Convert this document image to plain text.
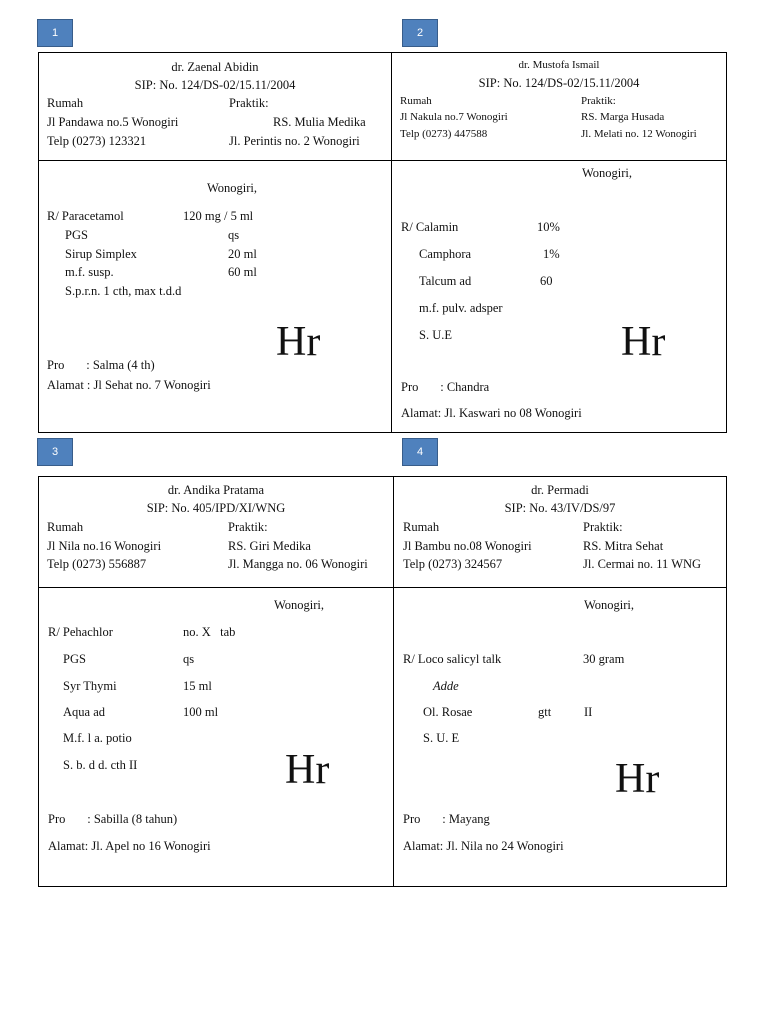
1	2
3	4
dr. Zaenal Abidin
SIP: No. 124/DS-02/15.11/2004
Rumah
Jl Pandawa no.5 Wonogiri
Telp (0273) 123321
Praktik:
RS. Mulia Medika
Jl. Perintis no. 2 Wonogiri
Wonogiri,
R/ Paracetamol	120 mg / 5 ml
PGS	qs
Sirup Simplex	20 ml
m.f. susp.	60 ml
S.p.r.n. 1 cth, max t.d.d
Hr
Pro       : Salma (4 th)
Alamat : Jl Sehat no. 7 Wonogiri
dr. Mustofa Ismail
SIP: No. 124/DS-02/15.11/2004
Rumah
Jl Nakula no.7 Wonogiri
Telp (0273) 447588
Praktik:
RS. Marga Husada
Jl. Melati no. 12 Wonogiri
Wonogiri,
R/ Calamin	10%
Camphora	1%
Talcum ad	60
m.f. pulv. adsper
S. U.E	Hr
Pro       : Chandra
Alamat: Jl. Kaswari no 08 Wonogiri
dr. Andika Pratama
SIP: No. 405/IPD/XI/WNG
Rumah
Jl Nila no.16 Wonogiri
Telp (0273) 556887
Praktik:
RS. Giri Medika
Jl. Mangga no. 06 Wonogiri
Wonogiri,
R/ Pehachlor	no. X   tab
PGS	qs
Syr Thymi	15 ml
Aqua ad	100 ml
M.f. l a. potio
S. b. d d. cth II	Hr
Pro       : Sabilla (8 tahun)
Alamat: Jl. Apel no 16 Wonogiri
dr. Permadi
SIP: No. 43/IV/DS/97
Rumah
Jl Bambu no.08 Wonogiri
Telp (0273) 324567
Praktik:
RS. Mitra Sehat
Jl. Cermai no. 11 WNG
Wonogiri,
R/ Loco salicyl talk	30 gram
Adde
Ol. Rosae	gtt	II
S. U. E
Hr
Pro       : Mayang
Alamat: Jl. Nila no 24 Wonogiri
